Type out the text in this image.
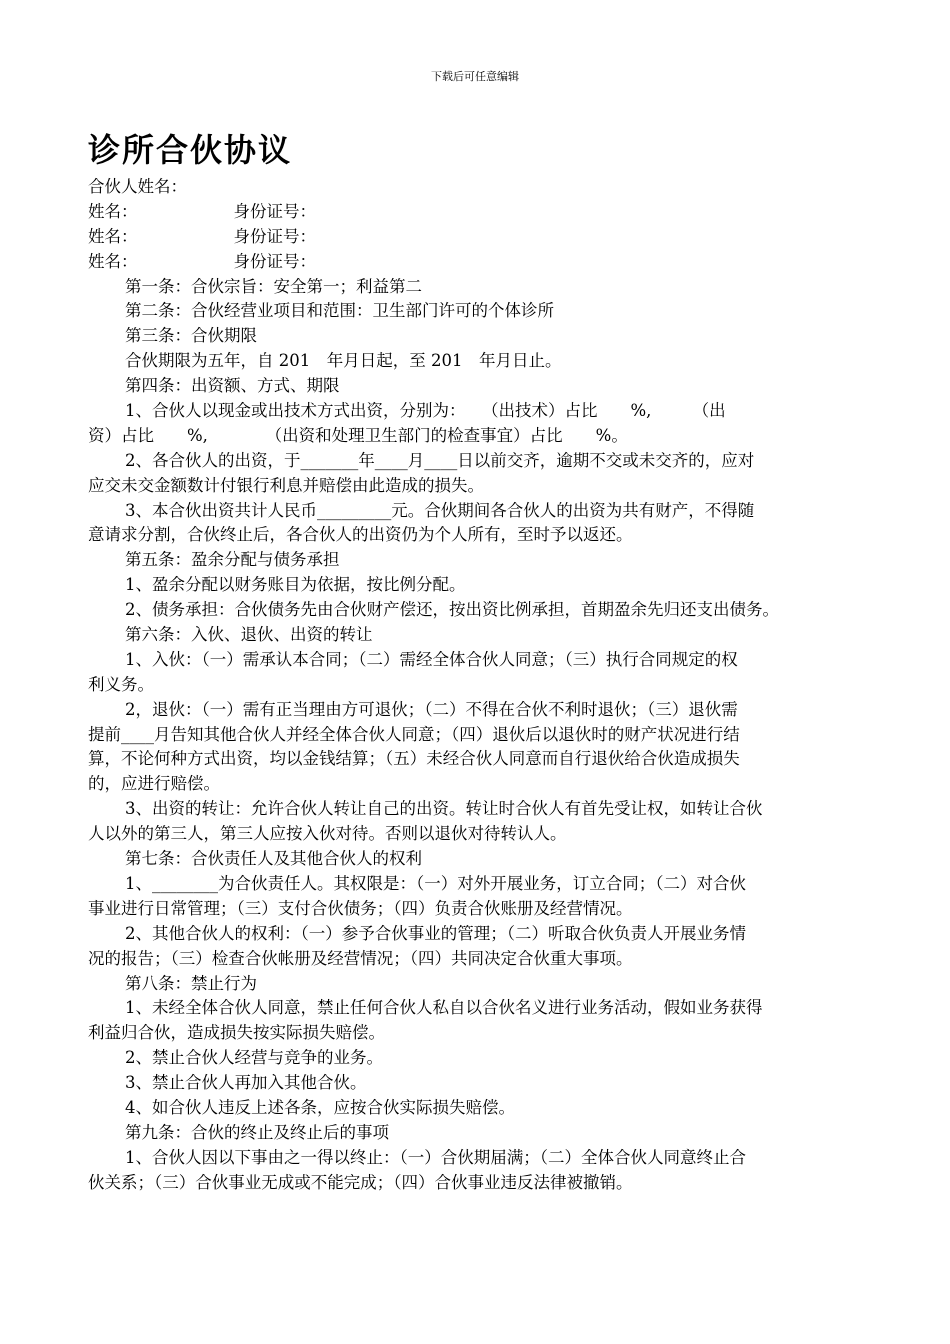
下载后可任意编辑
诊所合伙协议
合伙人姓名：
姓名：	身份证号：
姓名：	身份证号：
姓名：	身份证号：
第一条：合伙宗旨：安全第一；利益第二
第二条：合伙经营业项目和范围：卫生部门许可的个体诊所
第三条：合伙期限
合伙期限为五年，自 201　年月日起，至 201　年月日止。
第四条：出资额、方式、期限
1、合伙人以现金或出技术方式出资，分别为：　　（出技术）占比　　%,　　　（出
资）占比　　%,　　　　（出资和处理卫生部门的检查事宜）占比　　%。
2、各合伙人的出资，于_______年____月____日以前交齐，逾期不交或未交齐的，应对
应交未交金额数计付银行利息并赔偿由此造成的损失。
3、本合伙出资共计人民币_________元。合伙期间各合伙人的出资为共有财产，不得随
意请求分割，合伙终止后，各合伙人的出资仍为个人所有，至时予以返还。
第五条：盈余分配与债务承担
1、盈余分配以财务账目为依据，按比例分配。
2、债务承担：合伙债务先由合伙财产偿还，按出资比例承担，首期盈余先归还支出债务。
第六条：入伙、退伙、出资的转让
1、入伙：（一）需承认本合同；（二）需经全体合伙人同意；（三）执行合同规定的权
利义务。
2，退伙：（一）需有正当理由方可退伙；（二）不得在合伙不利时退伙；（三）退伙需
提前____月告知其他合伙人并经全体合伙人同意；（四）退伙后以退伙时的财产状况进行结
算，不论何种方式出资，均以金钱结算；（五）未经合伙人同意而自行退伙给合伙造成损失
的，应进行赔偿。
3、出资的转让：允许合伙人转让自己的出资。转让时合伙人有首先受让权，如转让合伙
人以外的第三人，第三人应按入伙对待。否则以退伙对待转认人。
第七条：合伙责任人及其他合伙人的权利
1、________为合伙责任人。其权限是：（一）对外开展业务，订立合同；（二）对合伙
事业进行日常管理；（三）支付合伙债务；（四）负责合伙账册及经营情况。
2、其他合伙人的权利：（一）参予合伙事业的管理；（二）听取合伙负责人开展业务情
况的报告；（三）检查合伙帐册及经营情况；（四）共同决定合伙重大事项。
第八条：禁止行为
1、未经全体合伙人同意，禁止任何合伙人私自以合伙名义进行业务活动，假如业务获得
利益归合伙，造成损失按实际损失赔偿。
2、禁止合伙人经营与竞争的业务。
3、禁止合伙人再加入其他合伙。
4、如合伙人违反上述各条，应按合伙实际损失赔偿。
第九条：合伙的终止及终止后的事项
1、合伙人因以下事由之一得以终止：（一）合伙期届满；（二）全体合伙人同意终止合
伙关系；（三）合伙事业无成或不能完成；（四）合伙事业违反法律被撤销。
